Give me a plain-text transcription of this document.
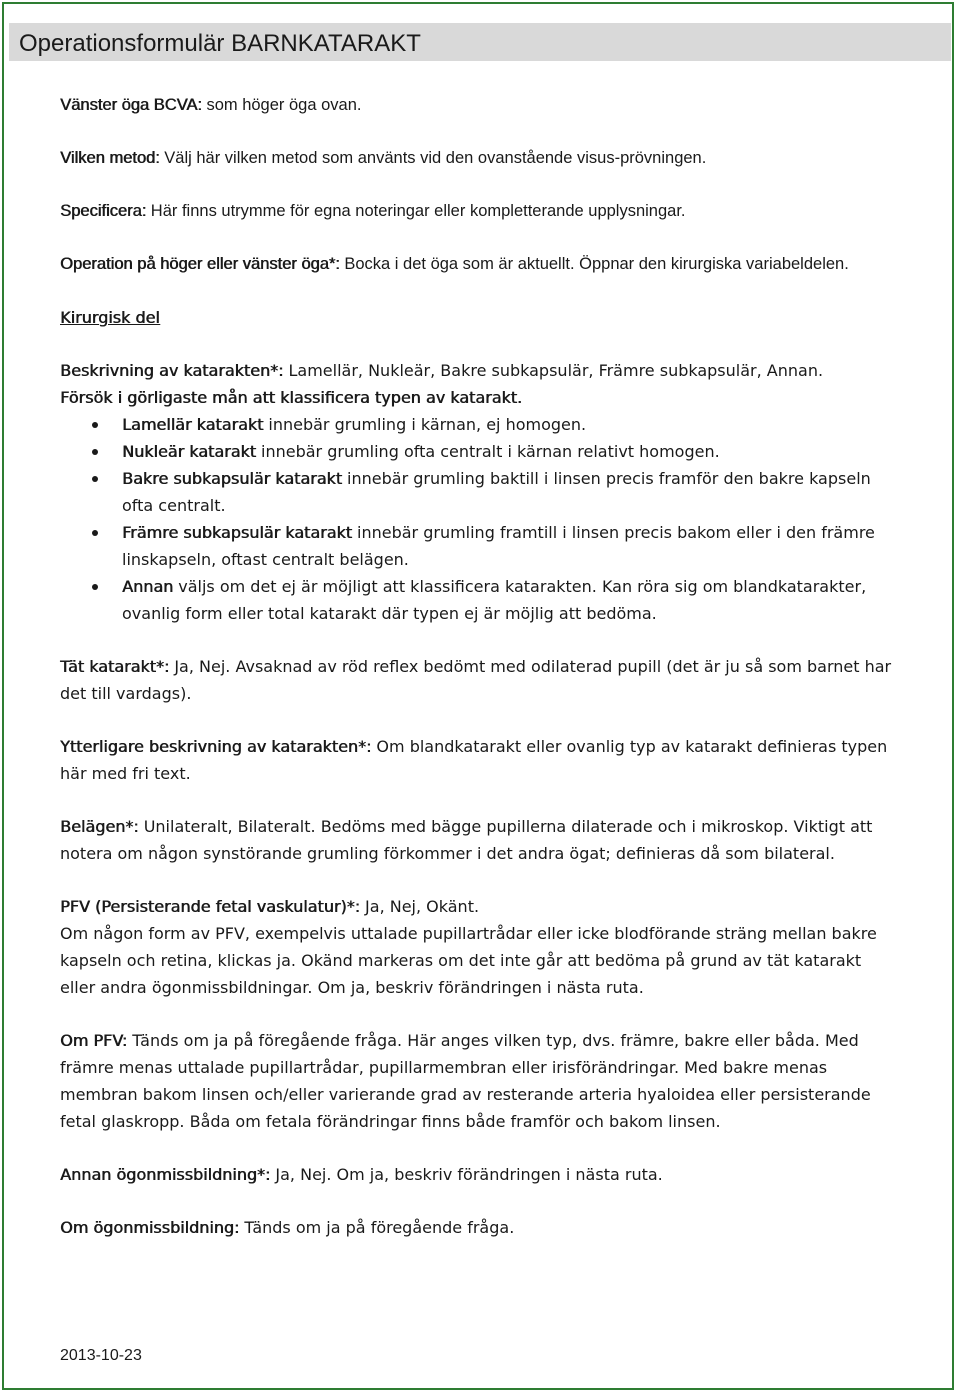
Operationsformulär BARNKATARAKT

Vänster öga BCVA: som höger öga ovan.

Vilken metod: Välj här vilken metod som använts vid den ovanstående visus-prövningen.

Specificera: Här finns utrymme för egna noteringar eller kompletterande upplysningar.

Operation på höger eller vänster öga*: Bocka i det öga som är aktuellt. Öppnar den kirurgiska variabeldelen.

Kirurgisk del

Beskrivning av katarakten*: Lamellär, Nukleär, Bakre subkapsulär, Främre subkapsulär, Annan.

Försök i görligaste mån att klassificera typen av katarakt.

Lamellär katarakt innebär grumling i kärnan, ej homogen.
Nukleär katarakt innebär grumling ofta centralt i kärnan relativt homogen.
Bakre subkapsulär katarakt innebär grumling baktill i linsen precis framför den bakre kapseln ofta centralt.
Främre subkapsulär katarakt innebär grumling framtill i linsen precis bakom eller i den främre linskapseln, oftast centralt belägen.
Annan väljs om det ej är möjligt att klassificera katarakten. Kan röra sig om blandkatarakter, ovanlig form eller total katarakt där typen ej är möjlig att bedöma.

Tät katarakt*: Ja, Nej. Avsaknad av röd reflex bedömt med odilaterad pupill (det är ju så som barnet har det till vardags).

Ytterligare beskrivning av katarakten*: Om blandkatarakt eller ovanlig typ av katarakt definieras typen här med fri text.

Belägen*: Unilateralt, Bilateralt. Bedöms med bägge pupillerna dilaterade och i mikroskop. Viktigt att notera om någon synstörande grumling förkommer i det andra ögat; definieras då som bilateral.

PFV (Persisterande fetal vaskulatur)*: Ja, Nej, Okänt.

Om någon form av PFV, exempelvis uttalade pupillartrådar eller icke blodförande sträng mellan bakre kapseln och retina, klickas ja. Okänd markeras om det inte går att bedöma på grund av tät katarakt eller andra ögonmissbildningar. Om ja, beskriv förändringen i nästa ruta.

Om PFV: Tänds om ja på föregående fråga. Här anges vilken typ, dvs. främre, bakre eller båda. Med främre menas uttalade pupillartrådar, pupillarmembran eller irisförändringar. Med bakre menas membran bakom linsen och/eller varierande grad av resterande arteria hyaloidea eller persisterande fetal glaskropp. Båda om fetala förändringar finns både framför och bakom linsen.

Annan ögonmissbildning*: Ja, Nej. Om ja, beskriv förändringen i nästa ruta.

Om ögonmissbildning: Tänds om ja på föregående fråga.

2013-10-23
